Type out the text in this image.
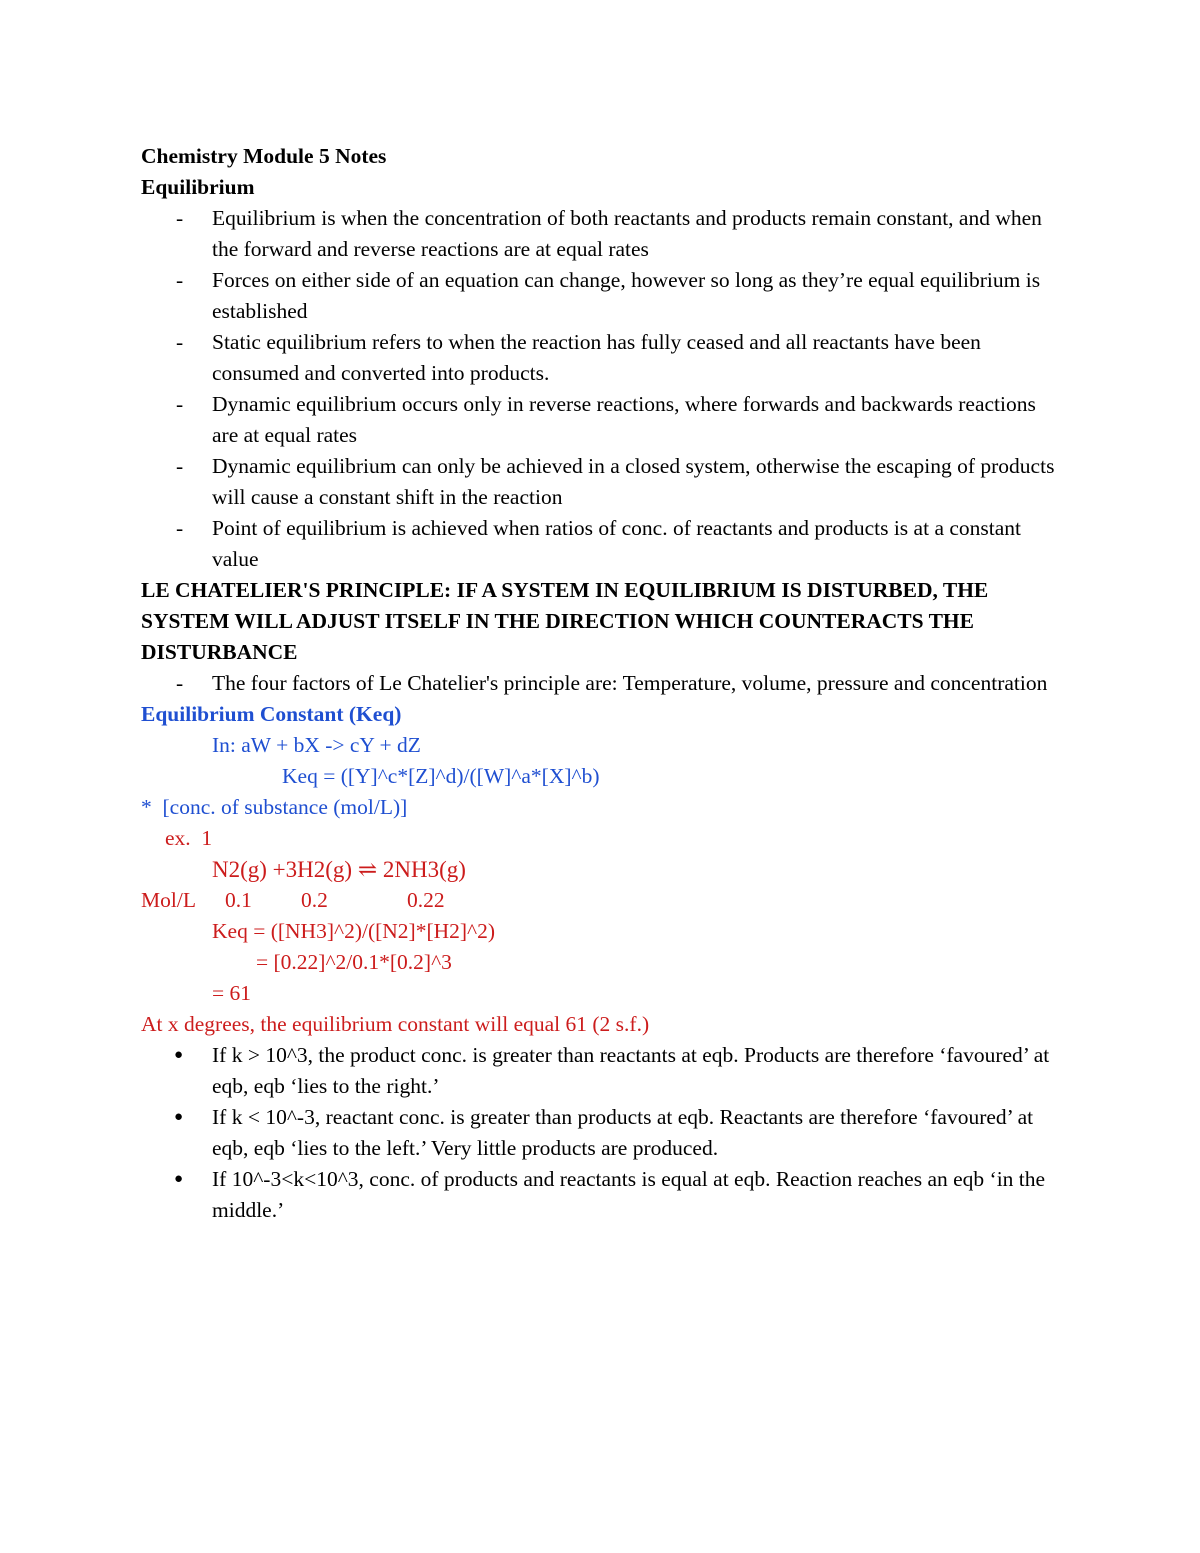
Chemistry Module 5 Notes
Equilibrium
- Equilibrium is when the concentration of both reactants and products remain constant, and when the forward and reverse reactions are at equal rates
- Forces on either side of an equation can change, however so long as they’re equal equilibrium is established
- Static equilibrium refers to when the reaction has fully ceased and all reactants have been consumed and converted into products.
- Dynamic equilibrium occurs only in reverse reactions, where forwards and backwards reactions are at equal rates
- Dynamic equilibrium can only be achieved in a closed system, otherwise the escaping of products will cause a constant shift in the reaction
- Point of equilibrium is achieved when ratios of conc. of reactants and products is at a constant value
LE CHATELIER'S PRINCIPLE: IF A SYSTEM IN EQUILIBRIUM IS DISTURBED, THE SYSTEM WILL ADJUST ITSELF IN THE DIRECTION WHICH COUNTERACTS THE DISTURBANCE
- The four factors of Le Chatelier's principle are: Temperature, volume, pressure and concentration
Equilibrium Constant (Keq)
In: aW + bX -> cY + dZ
Keq = ([Y]^c*[Z]^d)/([W]^a*[X]^b)
*  [conc. of substance (mol/L)]
ex.  1
N2(g) +3H2(g) ⇌ 2NH3(g)
Mol/L 0.1 0.2	0.22
Keq = ([NH3]^2)/([N2]*[H2]^2)
= [0.22]^2/0.1*[0.2]^3
= 61
At x degrees, the equilibrium constant will equal 61 (2 s.f.)
● If k > 10^3, the product conc. is greater than reactants at eqb. Products are therefore ‘favoured’ at eqb, eqb ‘lies to the right.’
● If k < 10^-3, reactant conc. is greater than products at eqb. Reactants are therefore ‘favoured’ at eqb, eqb ‘lies to the left.’ Very little products are produced.
● If 10^-3<k<10^3, conc. of products and reactants is equal at eqb. Reaction reaches an eqb ‘in the middle.’
